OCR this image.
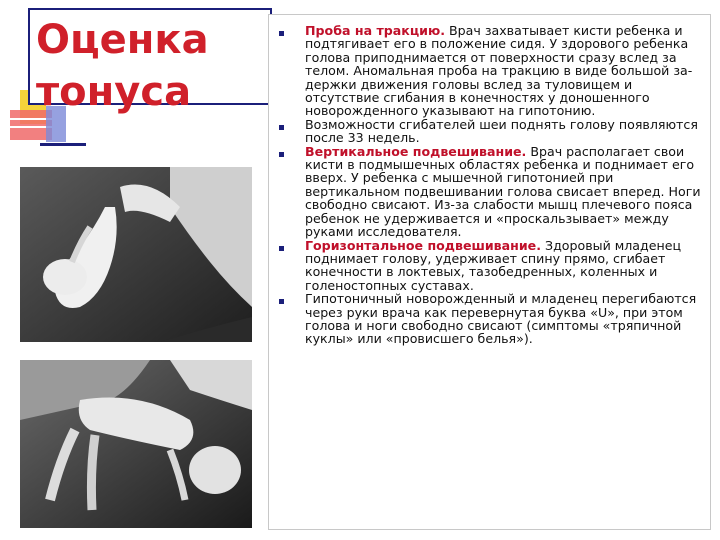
Оценка
тонуса
Проба на тракцию. Врач захватывает кисти ребенка и подтягивает его в положение сидя. У здорового ребенка голова приподнимается от поверхности сразу вслед за телом. Аномальная проба на тракцию в виде большой за-держки движения головы вслед за туловищем и отсутствие сгибания в конечностях у доношенного новорожденного указывают на гипотонию.
Возможности сгибателей шеи поднять голову появляются после 33 недель.
Вертикальное подвешивание. Врач располагает свои кисти в подмышечных областях ребенка и поднимает его вверх. У ребенка с мышечной гипотонией при вертикальном подвешивании голова свисает вперед. Ноги свободно свисают. Из-за слабости мышц плечевого пояса ребенок не удерживается и «проскальзывает» между руками исследователя.
Горизонтальное подвешивание. Здоровый младенец поднимает голову, удерживает спину прямо, сгибает конечности в локтевых, тазобедренных, коленных и голеностопных суставах.
Гипотоничный новорожденный и младенец перегибаются через руки врача как перевернутая буква «U», при этом голова и ноги свободно свисают (симптомы «тряпичной куклы» или «провисшего белья»).
